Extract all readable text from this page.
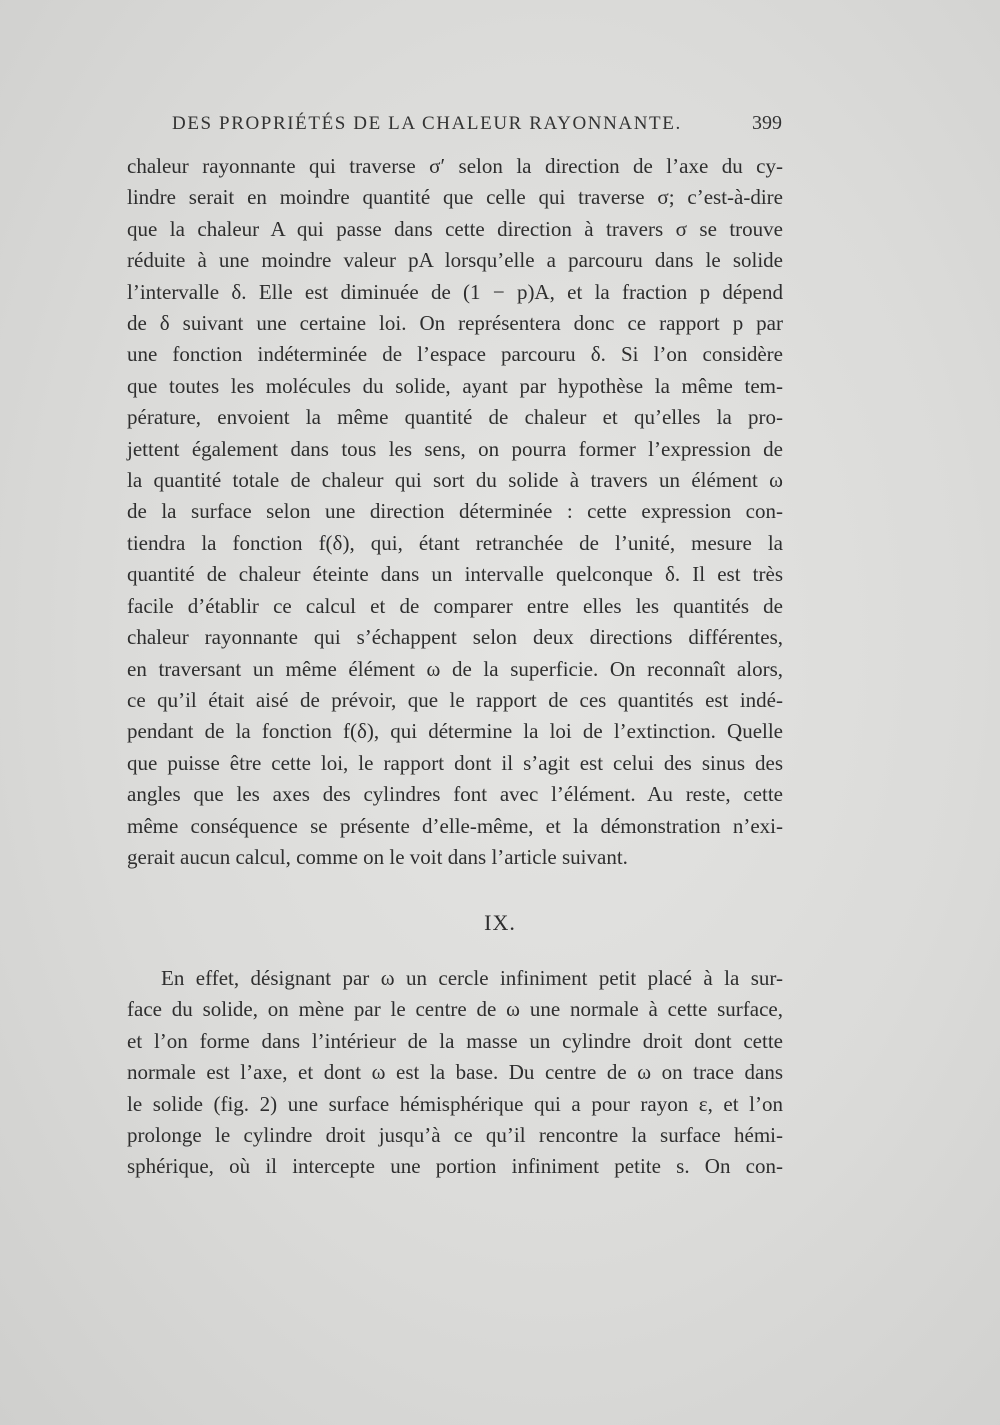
DES PROPRIÉTÉS DE LA CHALEUR RAYONNANTE.	399
chaleur rayonnante qui traverse σ′ selon la direction de l’axe du cy-
lindre serait en moindre quantité que celle qui traverse σ; c’est-à-dire
que la chaleur A qui passe dans cette direction à travers σ se trouve
réduite à une moindre valeur pA lorsqu’elle a parcouru dans le solide
l’intervalle δ. Elle est diminuée de (1 − p)A, et la fraction p dépend
de δ suivant une certaine loi. On représentera donc ce rapport p par
une fonction indéterminée de l’espace parcouru δ. Si l’on considère
que toutes les molécules du solide, ayant par hypothèse la même tem-
pérature, envoient la même quantité de chaleur et qu’elles la pro-
jettent également dans tous les sens, on pourra former l’expression de
la quantité totale de chaleur qui sort du solide à travers un élément ω
de la surface selon une direction déterminée : cette expression con-
tiendra la fonction f(δ), qui, étant retranchée de l’unité, mesure la
quantité de chaleur éteinte dans un intervalle quelconque δ. Il est très
facile d’établir ce calcul et de comparer entre elles les quantités de
chaleur rayonnante qui s’échappent selon deux directions différentes,
en traversant un même élément ω de la superficie. On reconnaît alors,
ce qu’il était aisé de prévoir, que le rapport de ces quantités est indé-
pendant de la fonction f(δ), qui détermine la loi de l’extinction. Quelle
que puisse être cette loi, le rapport dont il s’agit est celui des sinus des
angles que les axes des cylindres font avec l’élément. Au reste, cette
même conséquence se présente d’elle-même, et la démonstration n’exi-
gerait aucun calcul, comme on le voit dans l’article suivant.
IX.
En effet, désignant par ω un cercle infiniment petit placé à la sur-
face du solide, on mène par le centre de ω une normale à cette surface,
et l’on forme dans l’intérieur de la masse un cylindre droit dont cette
normale est l’axe, et dont ω est la base. Du centre de ω on trace dans
le solide (fig. 2) une surface hémisphérique qui a pour rayon ε, et l’on
prolonge le cylindre droit jusqu’à ce qu’il rencontre la surface hémi-
sphérique, où il intercepte une portion infiniment petite s. On con-
